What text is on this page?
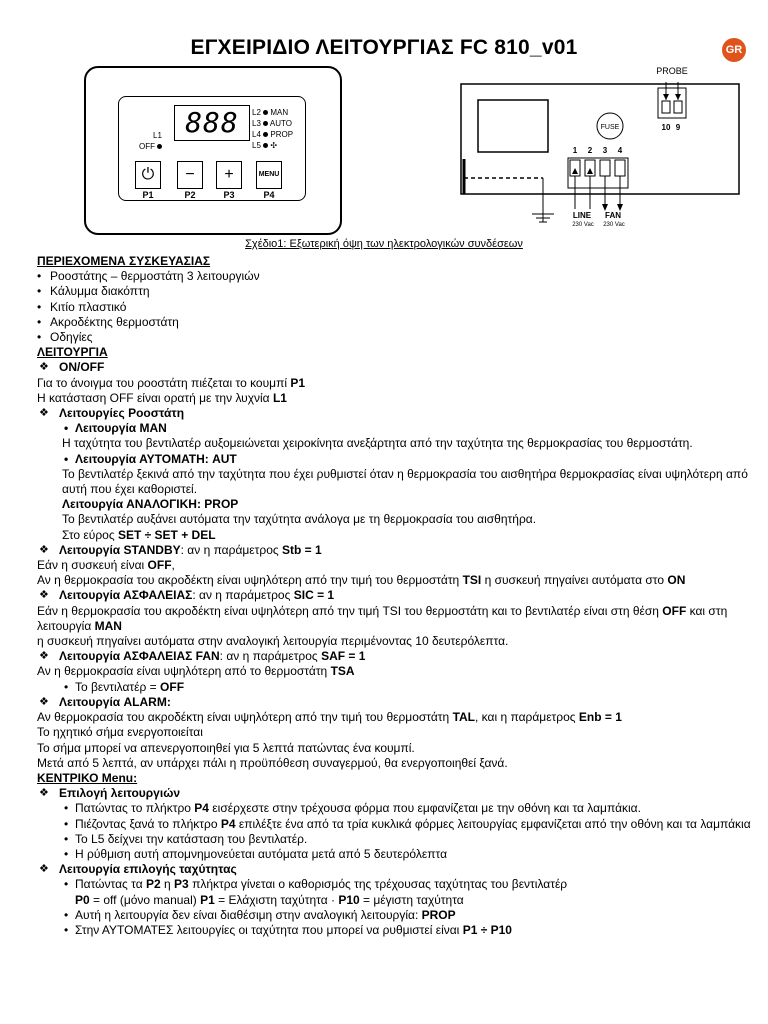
ΕΓΧΕΙΡΙΔΙΟ ΛΕΙΤΟΥΡΓΙΑΣ FC 810_v01	GR
888	L2 MAN
L3 AUTO
L4 PROP
L5 ✣
L1
OFF
⏻	−	+	MENU
P1	P2	P3	P4
FUSE
PROBE
10 9
1 2 3 4
LINE
230 Vac
FAN
230 Vac
Σχέδιο1: Εξωτερική όψη των ηλεκτρολογικών συνδέσεων

ΠΕΡΙΕΧΟΜΕΝΑ ΣΥΣΚΕΥΑΣΙΑΣ

• Ροοστάτης – θερμοστάτη 3 λειτουργιών

• Κάλυμμα διακόπτη

• Κιτίο πλαστικό

• Ακροδέκτης θερμοστάτη

• Οδηγίες

ΛΕΙΤΟΥΡΓΙΑ

❖ ON/OFF

Για το άνοιγμα του ροοστάτη πιέζεται το κουμπί P1

Η κατάσταση OFF είναι ορατή με την λυχνία L1

❖ Λειτουργίες Ροοστάτη

• Λειτουργία MAN

Η ταχύτητα του βεντιλατέρ αυξομειώνεται χειροκίνητα ανεξάρτητα από την ταχύτητα της θερμοκρασίας του θερμοστάτη.

• Λειτουργία ΑΥΤΟΜΑΤΗ: AUT

Το βεντιλατέρ ξεκινά από την ταχύτητα που έχει ρυθμιστεί όταν η θερμοκρασία του αισθητήρα θερμοκρασίας είναι υψηλότερη από αυτή που έχει καθοριστεί.

Λειτουργία ΑΝΑΛΟΓΙΚΗ: PROP

Το βεντιλατέρ αυξάνει αυτόματα την ταχύτητα ανάλογα με τη θερμοκρασία του αισθητήρα.

Στο εύρος SET ÷ SET + DEL

❖ Λειτουργία STANDBY: αν η παράμετρος Stb = 1

Εάν η συσκευή είναι OFF,

Αν η θερμοκρασία του ακροδέκτη είναι υψηλότερη από την τιμή του θερμοστάτη TSI η συσκευή πηγαίνει αυτόματα στο ON

❖ Λειτουργία ΑΣΦΑΛΕΙΑΣ: αν η παράμετρος SIC = 1

Εάν η θερμοκρασία του ακροδέκτη είναι υψηλότερη από την τιμή TSI του θερμοστάτη και το βεντιλατέρ είναι στη θέση OFF και στη λειτουργία MAN

η συσκευή πηγαίνει αυτόματα στην αναλογική λειτουργία περιμένοντας 10 δευτερόλεπτα.

❖ Λειτουργία ΑΣΦΑΛΕΙΑΣ FAN: αν η παράμετρος SAF = 1

Αν η θερμοκρασία είναι υψηλότερη από το θερμοστάτη TSA

• Το βεντιλατέρ = OFF

❖ Λειτουργία ALARM:

Αν θερμοκρασία του ακροδέκτη είναι υψηλότερη από την τιμή του θερμοστάτη TAL, και η παράμετρος Enb = 1

Το ηχητικό σήμα ενεργοποιείται

Το σήμα μπορεί να απενεργοποιηθεί για 5 λεπτά πατώντας ένα κουμπί.

Μετά από 5 λεπτά, αν υπάρχει πάλι η προϋπόθεση συναγερμού, θα ενεργοποιηθεί ξανά.

ΚΕΝΤΡΙΚΟ Menu:

❖ Επιλογή λειτουργιών

• Πατώντας το πλήκτρο P4 εισέρχεστε στην τρέχουσα φόρμα που εμφανίζεται με την οθόνη και τα λαμπάκια.

• Πιέζοντας ξανά το πλήκτρο P4 επιλέξτε ένα από τα τρία κυκλικά φόρμες λειτουργίας εμφανίζεται από την οθόνη και τα λαμπάκια

• Το L5 δείχνει την κατάσταση του βεντιλατέρ.

• Η ρύθμιση αυτή απομνημονεύεται αυτόματα μετά από 5 δευτερόλεπτα

❖ Λειτουργία επιλογής ταχύτητας

• Πατώντας τα P2 η P3 πλήκτρα γίνεται ο καθορισμός της τρέχουσας ταχύτητας του βεντιλατέρ

P0 = off (μόνο manual) P1 = Ελάχιστη ταχύτητα · P10 = μέγιστη ταχύτητα

• Αυτή η λειτουργία δεν είναι διαθέσιμη στην αναλογική λειτουργία: PROP

• Στην ΑΥΤΟΜΑΤΕΣ λειτουργίες οι ταχύτητα που μπορεί να ρυθμιστεί είναι P1 ÷ P10
